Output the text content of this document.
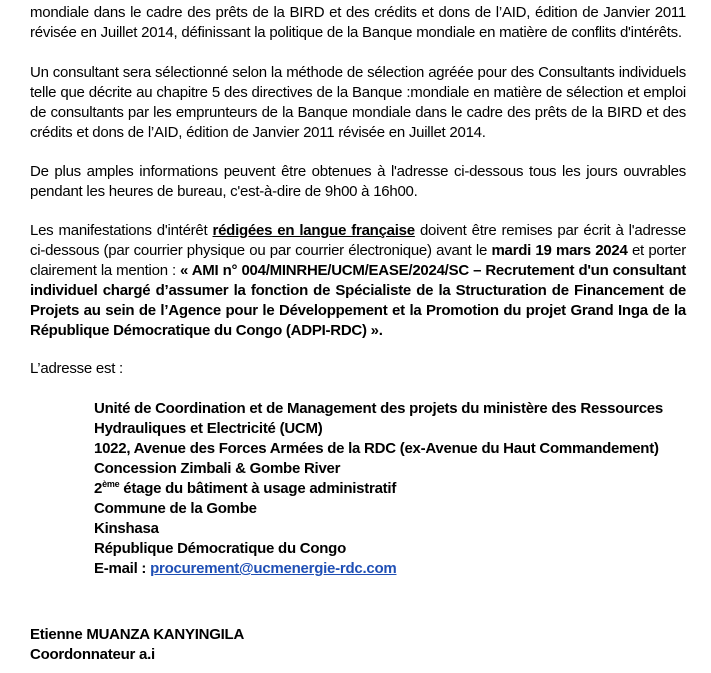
mondiale dans le cadre des prêts de la BIRD et des crédits et dons de l’AID, édition de Janvier 2011 révisée en Juillet 2014, définissant la politique de la Banque mondiale en matière de conflits d'intérêts.

Un consultant sera sélectionné selon la méthode de sélection agréée pour des Consultants individuels telle que décrite au chapitre 5 des directives de la Banque :mondiale en matière de sélection et emploi de consultants par les emprunteurs de la Banque mondiale dans le cadre des prêts de la BIRD et des crédits et dons de l’AID, édition de Janvier 2011 révisée en Juillet 2014.

De plus amples informations peuvent être obtenues à l'adresse ci-dessous tous les jours ouvrables pendant les heures de bureau, c'est-à-dire de 9h00 à 16h00.

Les manifestations d'intérêt rédigées en langue française doivent être remises par écrit à l'adresse ci-dessous (par courrier physique ou par courrier électronique) avant le mardi 19 mars 2024 et porter clairement la mention : « AMI n° 004/MINRHE/UCM/EASE/2024/SC – Recrutement d'un consultant individuel chargé d’assumer la fonction de Spécialiste de la Structuration de Financement de Projets au sein de l’Agence pour le Développement et la Promotion du projet Grand Inga de la République Démocratique du Congo (ADPI-RDC) ».

L’adresse est :

Unité de Coordination et de Management des projets du ministère des Ressources Hydrauliques et Electricité (UCM)
1022, Avenue des Forces Armées de la RDC (ex-Avenue du Haut Commandement)
Concession Zimbali & Gombe River
2ème étage du bâtiment à usage administratif
Commune de la Gombe
Kinshasa
République Démocratique du Congo
E-mail : procurement@ucmenergie-rdc.com
Etienne MUANZA KANYINGILA
Coordonnateur a.i
